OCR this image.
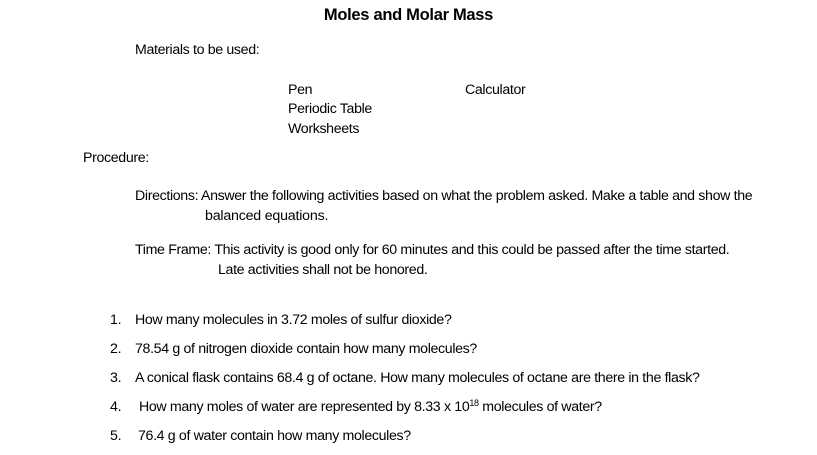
Moles and Molar Mass
Materials to be used:
Pen
Periodic Table
Worksheets
Calculator
Procedure:
Directions: Answer the following activities based on what the problem asked. Make a table and show the
balanced equations.
Time Frame: This activity is good only for 60 minutes and this could be passed after the time started.
Late activities shall not be honored.
1. How many molecules in 3.72 moles of sulfur dioxide?
2. 78.54 g of nitrogen dioxide contain how many molecules?
3. A conical flask contains 68.4 g of octane. How many molecules of octane are there in the flask?
4. How many moles of water are represented by 8.33 x $10^{18}$ molecules of water?
5. 76.4 g of water contain how many molecules?
